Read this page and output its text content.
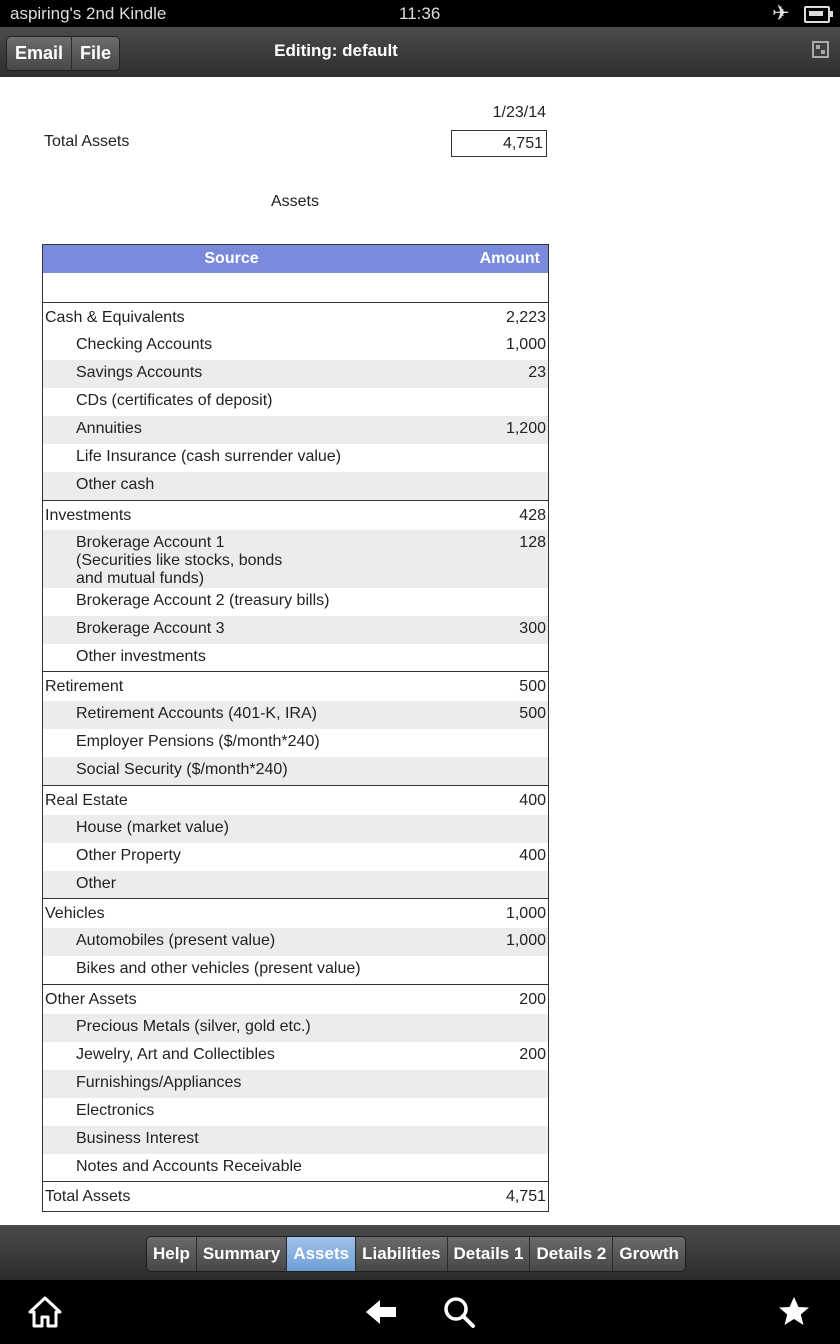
aspiring's 2nd Kindle	11:36	✈
Email File	Editing: default
1/23/14
Total Assets	4,751
Assets
Source	Amount

Cash & Equivalents	2,223
Checking Accounts	1,000
Savings Accounts	23
CDs (certificates of deposit)	
Annuities	1,200
Life Insurance (cash surrender value)	
Other cash	
Investments	428
Brokerage Account 1 (Securities like stocks, bonds and mutual funds)	128
Brokerage Account 2 (treasury bills)	
Brokerage Account 3	300
Other investments	
Retirement	500
Retirement Accounts (401-K, IRA)	500
Employer Pensions ($/month*240)	
Social Security ($/month*240)	
Real Estate	400
House (market value)	
Other Property	400
Other	
Vehicles	1,000
Automobiles (present value)	1,000
Bikes and other vehicles (present value)	
Other Assets	200
Precious Metals (silver, gold etc.)	
Jewelry, Art and Collectibles	200
Furnishings/Appliances	
Electronics	
Business Interest	
Notes and Accounts Receivable	
Total Assets	4,751
Help Summary Assets Liabilities Details 1 Details 2 Growth
